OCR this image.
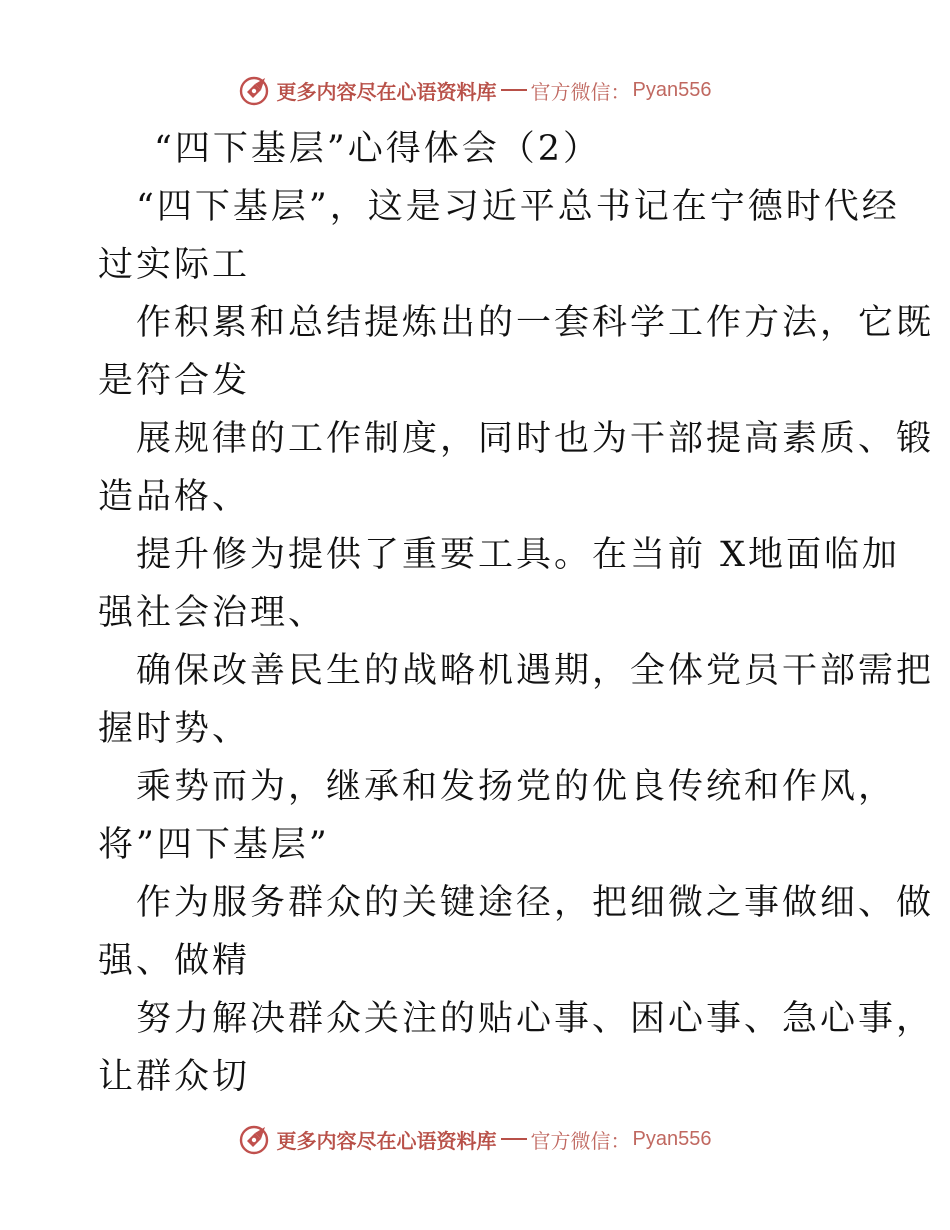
更多内容尽在心语资料库 官方微信： Pyan556
“四下基层”心得体会（2）
“四下基层”，这是习近平总书记在宁德时代经
过实际工
作积累和总结提炼出的一套科学工作方法，它既
是符合发
展规律的工作制度，同时也为干部提高素质、锻
造品格、
提升修为提供了重要工具。在当前 X地面临加
强社会治理、
确保改善民生的战略机遇期，全体党员干部需把
握时势、
乘势而为，继承和发扬党的优良传统和作风，
将”四下基层”
作为服务群众的关键途径，把细微之事做细、做
强、做精
努力解决群众关注的贴心事、困心事、急心事，
让群众切
更多内容尽在心语资料库 官方微信： Pyan556
